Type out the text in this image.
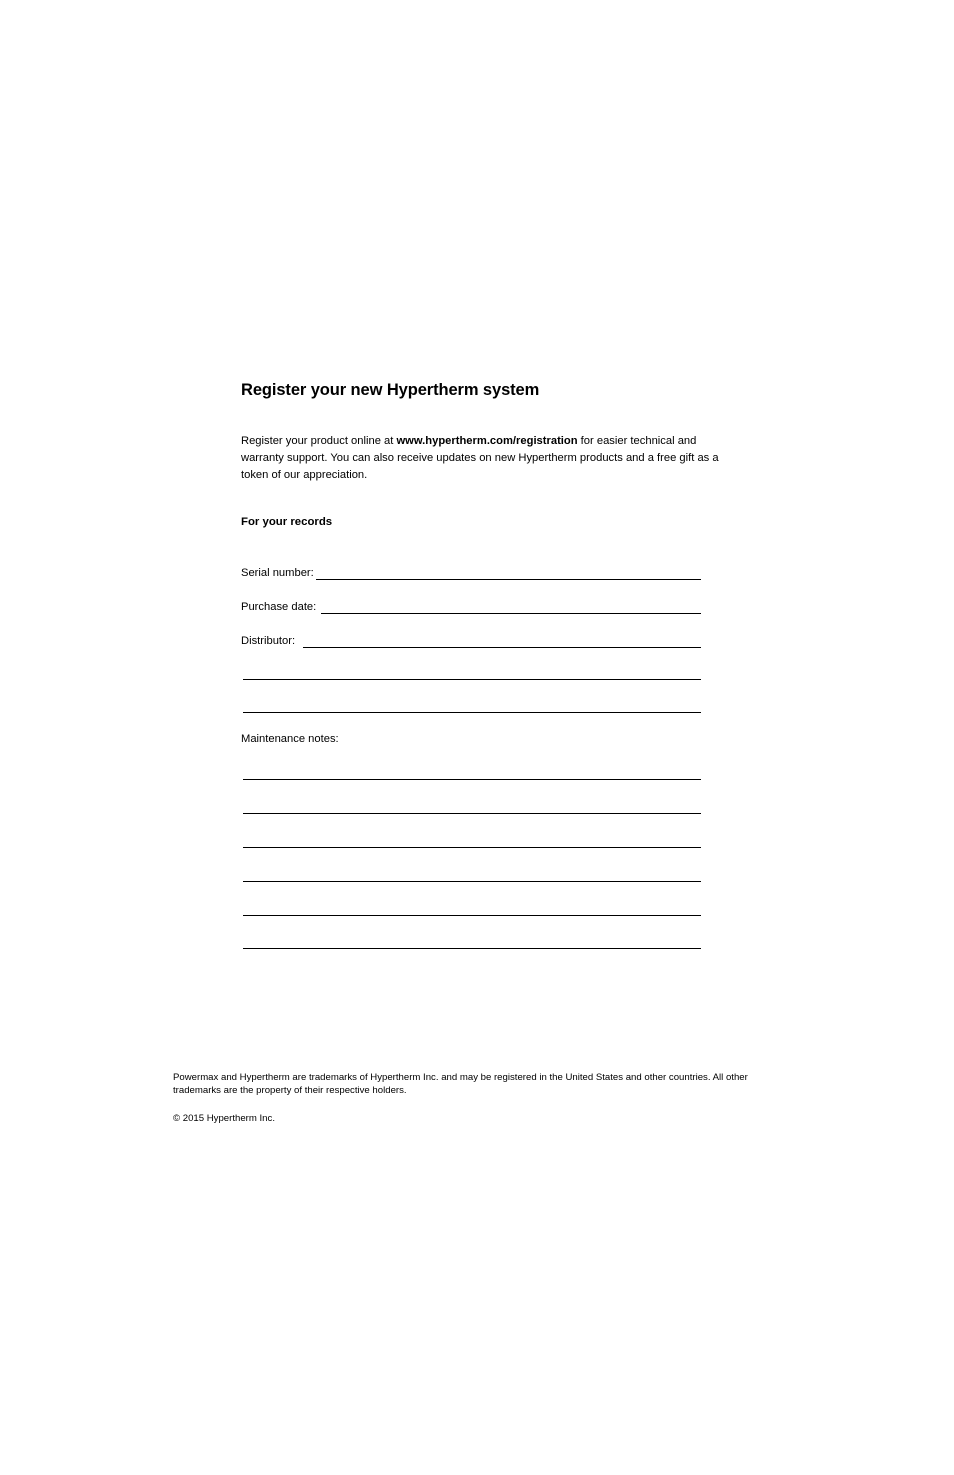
Register your new Hypertherm system
Register your product online at www.hypertherm.com/registration for easier technical and warranty support. You can also receive updates on new Hypertherm products and a free gift as a token of our appreciation.
For your records
Serial number:
Purchase date:
Distributor:
Maintenance notes:
Powermax and Hypertherm are trademarks of Hypertherm Inc. and may be registered in the United States and other countries. All other trademarks are the property of their respective holders.
© 2015 Hypertherm Inc.
